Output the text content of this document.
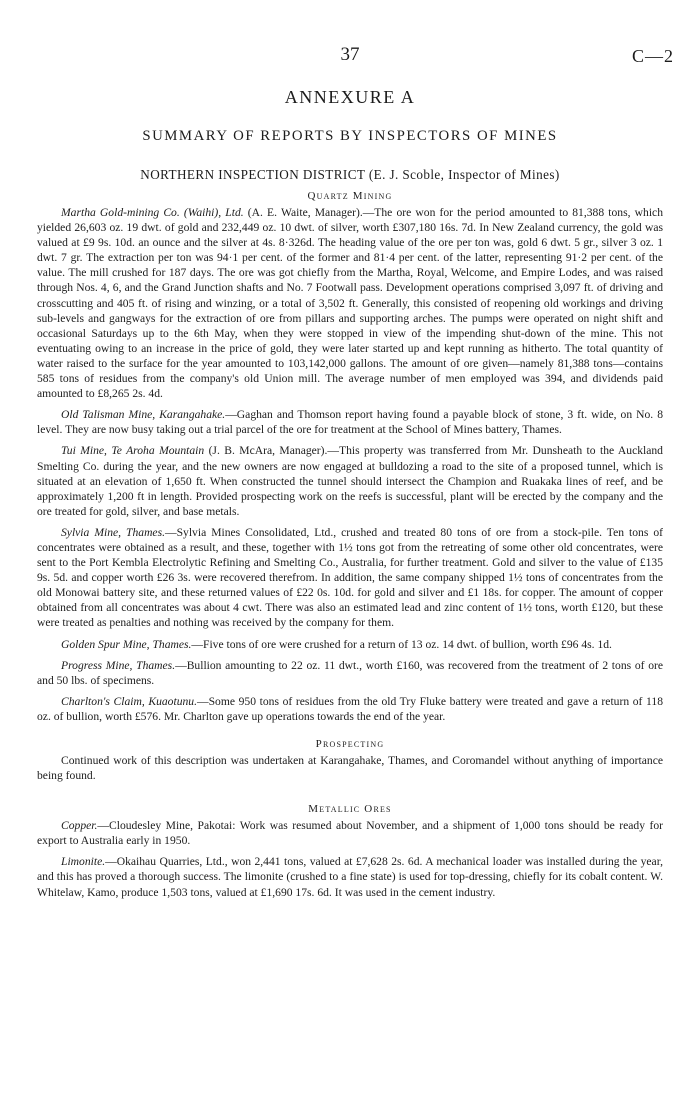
37	C—2
ANNEXURE A
SUMMARY OF REPORTS BY INSPECTORS OF MINES
NORTHERN INSPECTION DISTRICT (E. J. Scoble, Inspector of Mines)
Quartz Mining

Martha Gold-mining Co. (Waihi), Ltd. (A. E. Waite, Manager).—The ore won for the period amounted to 81,388 tons, which yielded 26,603 oz. 19 dwt. of gold and 232,449 oz. 10 dwt. of silver, worth £307,180 16s. 7d. In New Zealand currency, the gold was valued at £9 9s. 10d. an ounce and the silver at 4s. 8·326d. The heading value of the ore per ton was, gold 6 dwt. 5 gr., silver 3 oz. 1 dwt. 7 gr. The extraction per ton was 94·1 per cent. of the former and 81·4 per cent. of the latter, representing 91·2 per cent. of the value. The mill crushed for 187 days. The ore was got chiefly from the Martha, Royal, Welcome, and Empire Lodes, and was raised through Nos. 4, 6, and the Grand Junction shafts and No. 7 Footwall pass. Development operations comprised 3,097 ft. of driving and crosscutting and 405 ft. of rising and winzing, or a total of 3,502 ft. Generally, this consisted of reopening old workings and driving sub-levels and gangways for the extraction of ore from pillars and supporting arches. The pumps were operated on night shift and occasional Saturdays up to the 6th May, when they were stopped in view of the impending shut-down of the mine. This not eventuating owing to an increase in the price of gold, they were later started up and kept running as hitherto. The total quantity of water raised to the surface for the year amounted to 103,142,000 gallons. The amount of ore given—namely 81,388 tons—contains 585 tons of residues from the company's old Union mill. The average number of men employed was 394, and dividends paid amounted to £8,265 2s. 4d.

Old Talisman Mine, Karangahake.—Gaghan and Thomson report having found a payable block of stone, 3 ft. wide, on No. 8 level. They are now busy taking out a trial parcel of the ore for treatment at the School of Mines battery, Thames.

Tui Mine, Te Aroha Mountain (J. B. McAra, Manager).—This property was transferred from Mr. Dunsheath to the Auckland Smelting Co. during the year, and the new owners are now engaged at bulldozing a road to the site of a proposed tunnel, which is situated at an elevation of 1,650 ft. When constructed the tunnel should intersect the Champion and Ruakaka lines of reef, and be approximately 1,200 ft in length. Provided prospecting work on the reefs is successful, plant will be erected by the company and the ore treated for gold, silver, and base metals.

Sylvia Mine, Thames.—Sylvia Mines Consolidated, Ltd., crushed and treated 80 tons of ore from a stock-pile. Ten tons of concentrates were obtained as a result, and these, together with 1½ tons got from the retreating of some other old concentrates, were sent to the Port Kembla Electrolytic Refining and Smelting Co., Australia, for further treatment. Gold and silver to the value of £135 9s. 5d. and copper worth £26 3s. were recovered therefrom. In addition, the same company shipped 1½ tons of concentrates from the old Monowai battery site, and these returned values of £22 0s. 10d. for gold and silver and £1 18s. for copper. The amount of copper obtained from all concentrates was about 4 cwt. There was also an estimated lead and zinc content of 1½ tons, worth £120, but these were treated as penalties and nothing was received by the company for them.

Golden Spur Mine, Thames.—Five tons of ore were crushed for a return of 13 oz. 14 dwt. of bullion, worth £96 4s. 1d.

Progress Mine, Thames.—Bullion amounting to 22 oz. 11 dwt., worth £160, was recovered from the treatment of 2 tons of ore and 50 lbs. of specimens.

Charlton's Claim, Kuaotunu.—Some 950 tons of residues from the old Try Fluke battery were treated and gave a return of 118 oz. of bullion, worth £576. Mr. Charlton gave up operations towards the end of the year.

Prospecting

Continued work of this description was undertaken at Karangahake, Thames, and Coromandel without anything of importance being found.

Metallic Ores

Copper.—Cloudesley Mine, Pakotai: Work was resumed about November, and a shipment of 1,000 tons should be ready for export to Australia early in 1950.

Limonite.—Okaihau Quarries, Ltd., won 2,441 tons, valued at £7,628 2s. 6d. A mechanical loader was installed during the year, and this has proved a thorough success. The limonite (crushed to a fine state) is used for top-dressing, chiefly for its cobalt content. W. Whitelaw, Kamo, produce 1,503 tons, valued at £1,690 17s. 6d. It was used in the cement industry.
